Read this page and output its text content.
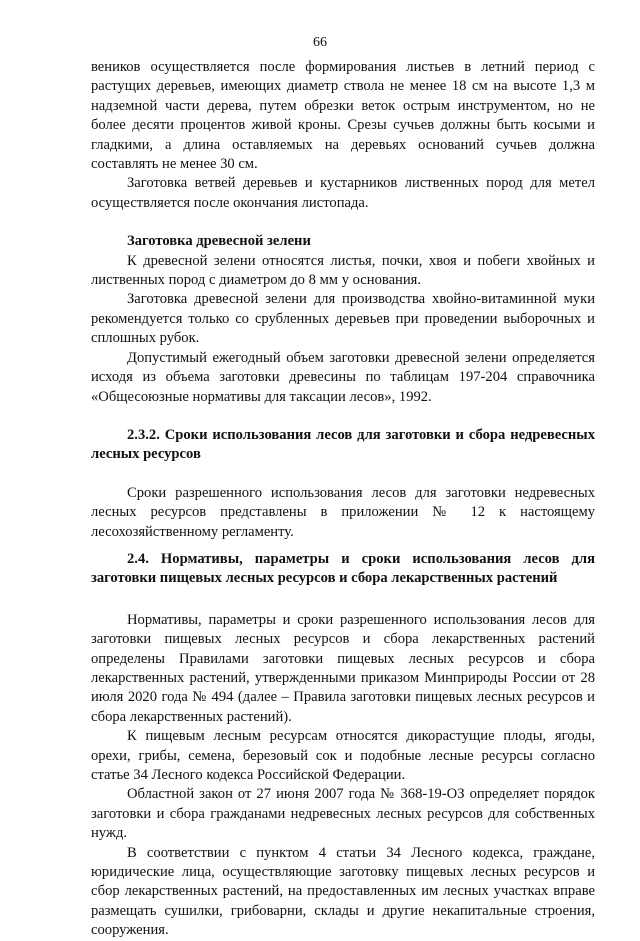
66

веников осуществляется после формирования листьев в летний период с растущих деревьев, имеющих диаметр ствола не менее 18 см на высоте 1,3 м надземной части дерева, путем обрезки веток острым инструментом, но не более десяти процентов живой кроны. Срезы сучьев должны быть косыми и гладкими, а длина оставляемых на деревьях оснований сучьев должна составлять не менее 30 см.

Заготовка ветвей деревьев и кустарников лиственных пород для метел осуществляется после окончания листопада.

Заготовка древесной зелени

К древесной зелени относятся листья, почки, хвоя и побеги хвойных и лиственных пород с диаметром до 8 мм у основания.

Заготовка древесной зелени для производства хвойно-витаминной муки рекомендуется только со срубленных деревьев при проведении выборочных и сплошных рубок.

Допустимый ежегодный объем заготовки древесной зелени определяется исходя из объема заготовки древесины по таблицам 197-204 справочника «Общесоюзные нормативы для таксации лесов», 1992.

2.3.2. Сроки использования лесов для заготовки и сбора недревесных лесных ресурсов

Сроки разрешенного использования лесов для заготовки недревесных лесных ресурсов представлены в приложении № 12 к настоящему лесохозяйственному регламенту.

2.4. Нормативы, параметры и сроки использования лесов для заготовки пищевых лесных ресурсов и сбора лекарственных растений

Нормативы, параметры и сроки разрешенного использования лесов для заготовки пищевых лесных ресурсов и сбора лекарственных растений определены Правилами заготовки пищевых лесных ресурсов и сбора лекарственных растений, утвержденными приказом Минприроды России от 28 июля 2020 года № 494 (далее – Правила заготовки пищевых лесных ресурсов и сбора лекарственных растений).

К пищевым лесным ресурсам относятся дикорастущие плоды, ягоды, орехи, грибы, семена, березовый сок и подобные лесные ресурсы согласно статье 34 Лесного кодекса Российской Федерации.

Областной закон от 27 июня 2007 года № 368-19-ОЗ определяет порядок заготовки и сбора гражданами недревесных лесных ресурсов для собственных нужд.

В соответствии с пунктом 4 статьи 34 Лесного кодекса, граждане, юридические лица, осуществляющие заготовку пищевых лесных ресурсов и сбор лекарственных растений, на предоставленных им лесных участках вправе размещать сушилки, грибоварни, склады и другие некапитальные строения, сооружения.
